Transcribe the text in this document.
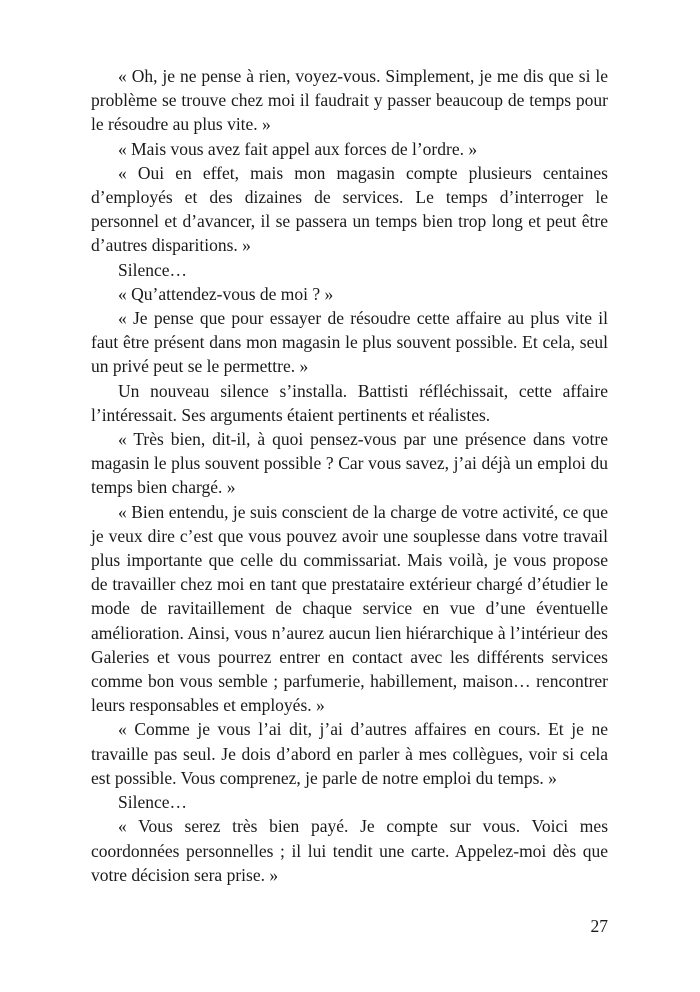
« Oh, je ne pense à rien, voyez-vous. Simplement, je me dis que si le problème se trouve chez moi il faudrait y passer beaucoup de temps pour le résoudre au plus vite. »

« Mais vous avez fait appel aux forces de l’ordre. »

« Oui en effet, mais mon magasin compte plusieurs centaines d’employés et des dizaines de services. Le temps d’interroger le personnel et d’avancer, il se passera un temps bien trop long et peut être d’autres disparitions. »

Silence…

« Qu’attendez-vous de moi ? »

« Je pense que pour essayer de résoudre cette affaire au plus vite il faut être présent dans mon magasin le plus souvent possible. Et cela, seul un privé peut se le permettre. »

Un nouveau silence s’installa. Battisti réfléchissait, cette affaire l’intéressait. Ses arguments étaient pertinents et réalistes.

« Très bien, dit-il, à quoi pensez-vous par une présence dans votre magasin le plus souvent possible ? Car vous savez, j’ai déjà un emploi du temps bien chargé. »

« Bien entendu, je suis conscient de la charge de votre activité, ce que je veux dire c’est que vous pouvez avoir une souplesse dans votre travail plus importante que celle du commissariat. Mais voilà, je vous propose de travailler chez moi en tant que prestataire extérieur chargé d’étudier le mode de ravitaillement de chaque service en vue d’une éventuelle amélioration. Ainsi, vous n’aurez aucun lien hiérarchique à l’intérieur des Galeries et vous pourrez entrer en contact avec les différents services comme bon vous semble ; parfumerie, habillement, maison… rencontrer leurs responsables et employés. »

« Comme je vous l’ai dit, j’ai d’autres affaires en cours. Et je ne travaille pas seul. Je dois d’abord en parler à mes collègues, voir si cela est possible. Vous comprenez, je parle de notre emploi du temps. »

Silence…

« Vous serez très bien payé. Je compte sur vous. Voici mes coordonnées personnelles ; il lui tendit une carte. Appelez-moi dès que votre décision sera prise. »

27
